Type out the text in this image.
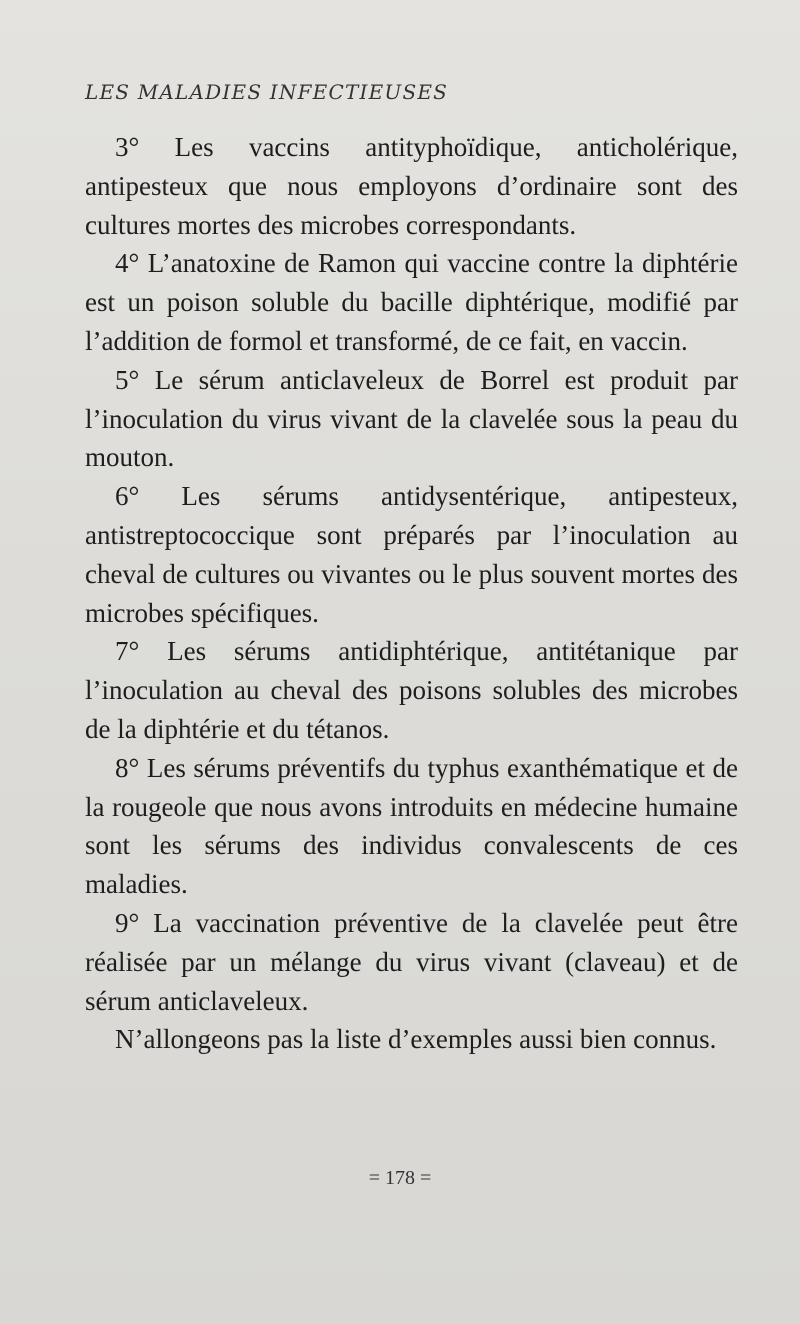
LES MALADIES INFECTIEUSES

3° Les vaccins antityphoïdique, anticholérique, antipesteux que nous employons d’ordinaire sont des cultures mortes des microbes correspondants.

4° L’anatoxine de Ramon qui vaccine contre la diphtérie est un poison soluble du bacille diphtérique, modifié par l’addition de formol et transformé, de ce fait, en vaccin.

5° Le sérum anticlaveleux de Borrel est produit par l’inoculation du virus vivant de la clavelée sous la peau du mouton.

6° Les sérums antidysentérique, antipesteux, antistreptococcique sont préparés par l’inoculation au cheval de cultures ou vivantes ou le plus souvent mortes des microbes spécifiques.

7° Les sérums antidiphtérique, antitétanique par l’inoculation au cheval des poisons solubles des microbes de la diphtérie et du tétanos.

8° Les sérums préventifs du typhus exanthématique et de la rougeole que nous avons introduits en médecine humaine sont les sérums des individus convalescents de ces maladies.

9° La vaccination préventive de la clavelée peut être réalisée par un mélange du virus vivant (claveau) et de sérum anticlaveleux.

N’allongeons pas la liste d’exemples aussi bien connus.

= 178 =
